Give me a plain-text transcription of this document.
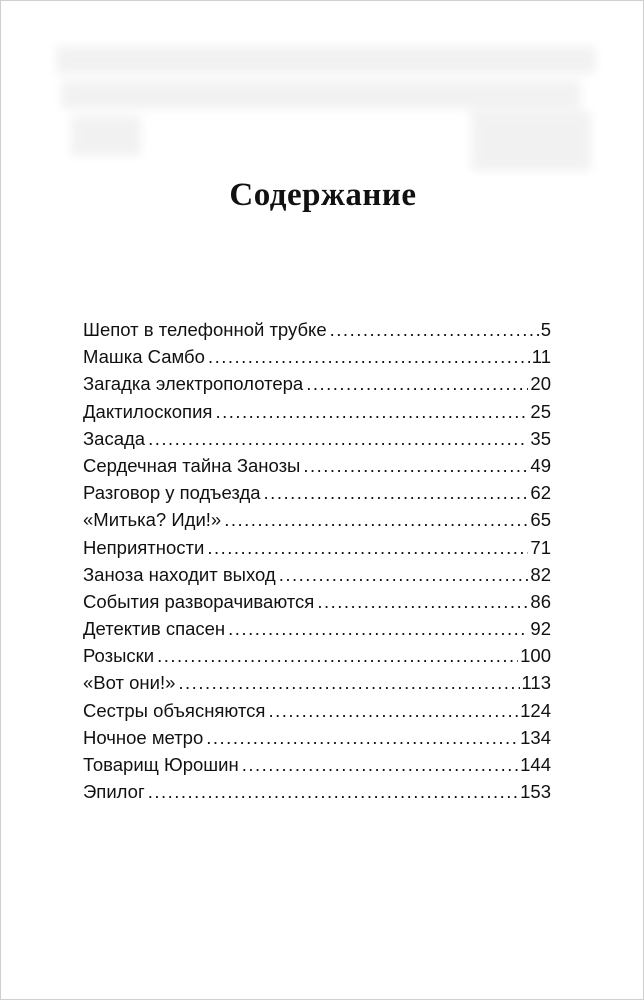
Содержание
Шепот в телефонной трубке .....	5
Машка Самбо .....	11
Загадка электрополотера .....	20
Дактилоскопия .....	25
Засада .....	35
Сердечная тайна Занозы .....	49
Разговор у подъезда .....	62
«Митька? Иди!» .....	65
Неприятности .....	71
Заноза находит выход .....	82
События разворачиваются .....	86
Детектив спасен .....	92
Розыски .....	100
«Вот они!» .....	113
Сестры объясняются .....	124
Ночное метро .....	134
Товарищ Юрошин .....	144
Эпилог .....	153
